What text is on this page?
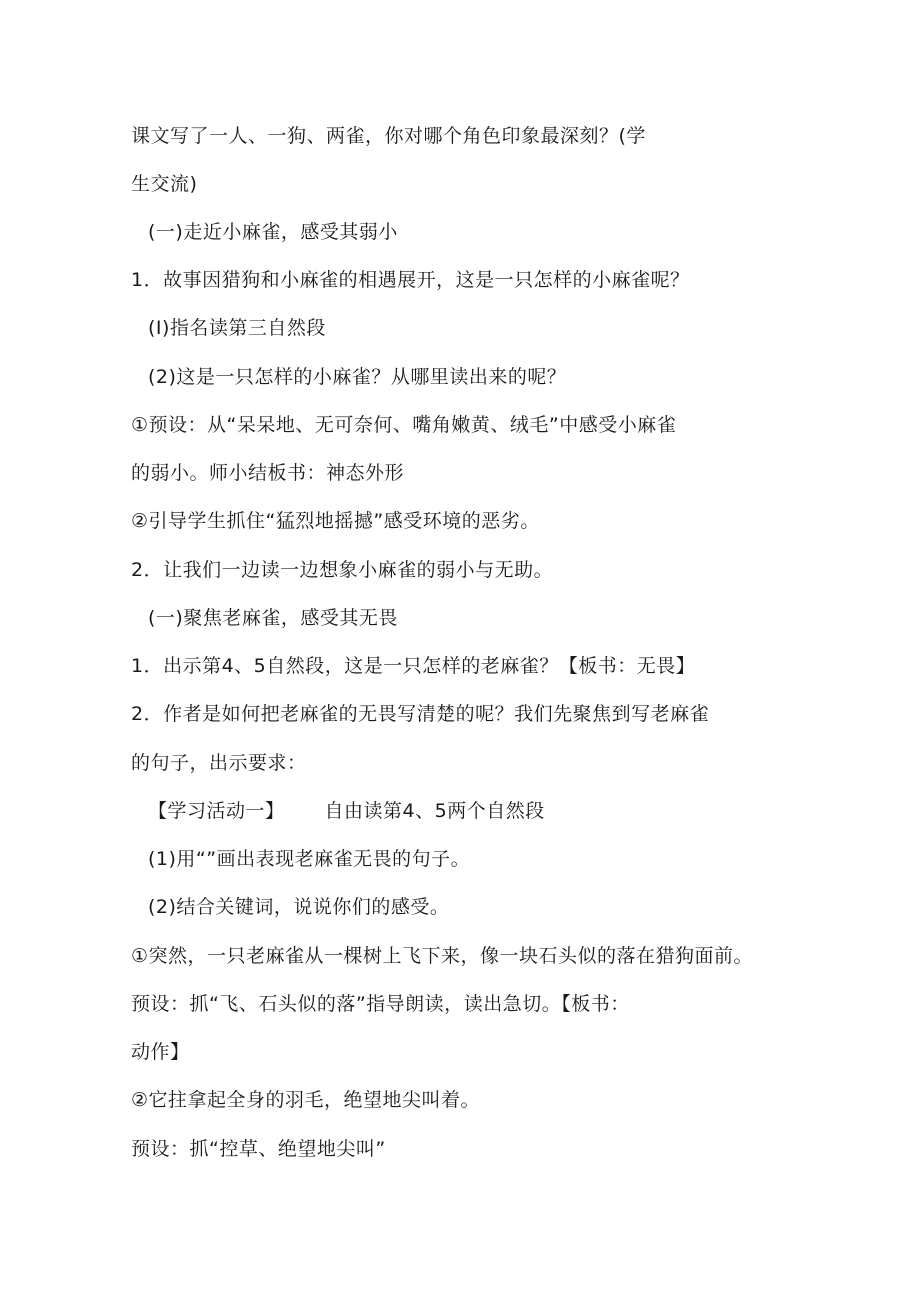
课文写了一人、一狗、两雀，你对哪个角色印象最深刻？(学
生交流)
(一)走近小麻雀，感受其弱小
1．故事因猎狗和小麻雀的相遇展开，这是一只怎样的小麻雀呢？
(I)指名读第三自然段
(2)这是一只怎样的小麻雀？从哪里读出来的呢？
①预设：从“呆呆地、无可奈何、嘴角嫩黄、绒毛”中感受小麻雀
的弱小。师小结板书：神态外形
②引导学生抓住“猛烈地摇撼”感受环境的恶劣。
2．让我们一边读一边想象小麻雀的弱小与无助。
(一)聚焦老麻雀，感受其无畏
1．出示第4、5自然段，这是一只怎样的老麻雀？【板书：无畏】
2．作者是如何把老麻雀的无畏写清楚的呢？我们先聚焦到写老麻雀
的句子，出示要求：
【学习活动一】 自由读第4、5两个自然段
(1)用“”画出表现老麻雀无畏的句子。
(2)结合关键词，说说你们的感受。
①突然，一只老麻雀从一棵树上飞下来，像一块石头似的落在猎狗面前。
预设：抓“飞、石头似的落”指导朗读，读出急切。【板书：
动作】
②它拄拿起全身的羽毛，绝望地尖叫着。
预设：抓“控草、绝望地尖叫”
